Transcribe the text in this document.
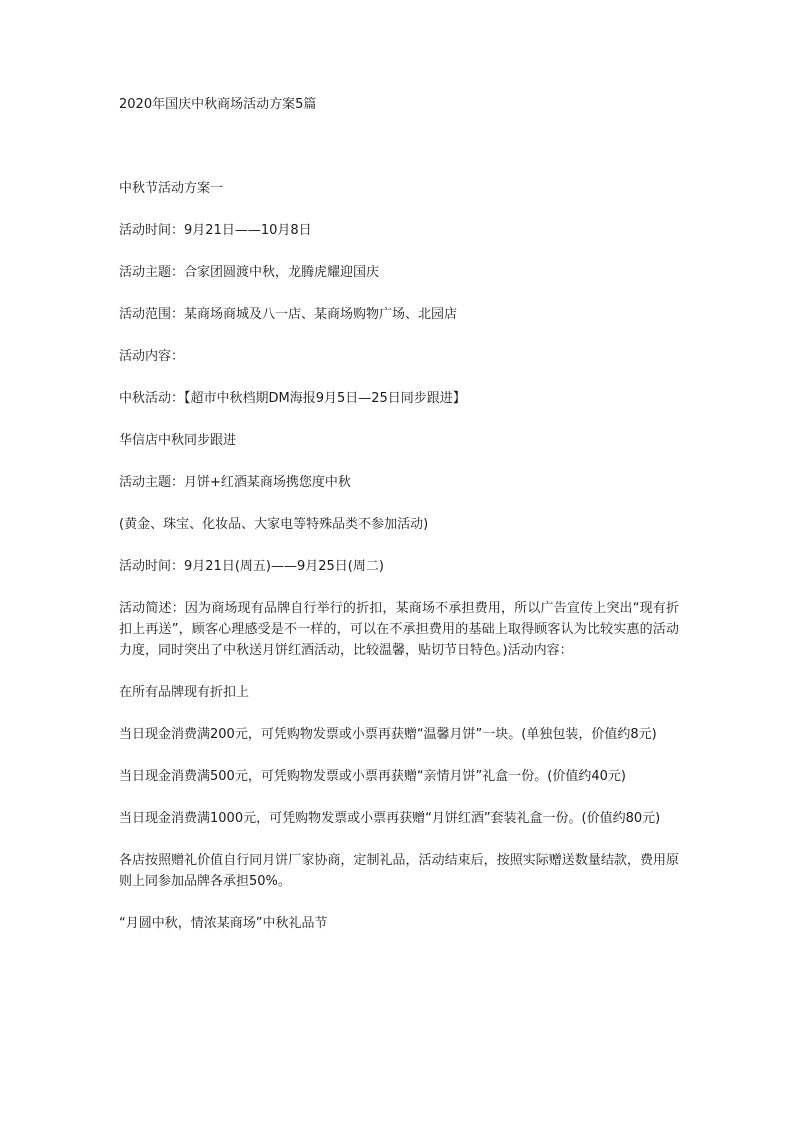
2020年国庆中秋商场活动方案5篇

中秋节活动方案一

活动时间：9月21日——10月8日

活动主题：合家团圆渡中秋，龙腾虎耀迎国庆

活动范围：某商场商城及八一店、某商场购物广场、北园店

活动内容：

中秋活动：【超市中秋档期DM海报9月5日—25日同步跟进】

华信店中秋同步跟进

活动主题：月饼+红酒某商场携您度中秋

(黄金、珠宝、化妆品、大家电等特殊品类不参加活动)

活动时间：9月21日(周五)——9月25日(周二)

活动简述：因为商场现有品牌自行举行的折扣，某商场不承担费用，所以广告宣传上突出“现有折扣上再送”，顾客心理感受是不一样的，可以在不承担费用的基础上取得顾客认为比较实惠的活动力度，同时突出了中秋送月饼红酒活动，比较温馨，贴切节日特色。)活动内容：

在所有品牌现有折扣上

当日现金消费满200元，可凭购物发票或小票再获赠“温馨月饼”一块。(单独包装，价值约8元)

当日现金消费满500元，可凭购物发票或小票再获赠“亲情月饼”礼盒一份。(价值约40元)

当日现金消费满1000元，可凭购物发票或小票再获赠“月饼红酒”套装礼盒一份。(价值约80元)

各店按照赠礼价值自行同月饼厂家协商，定制礼品，活动结束后，按照实际赠送数量结款，费用原则上同参加品牌各承担50%。

“月圆中秋，情浓某商场”中秋礼品节
